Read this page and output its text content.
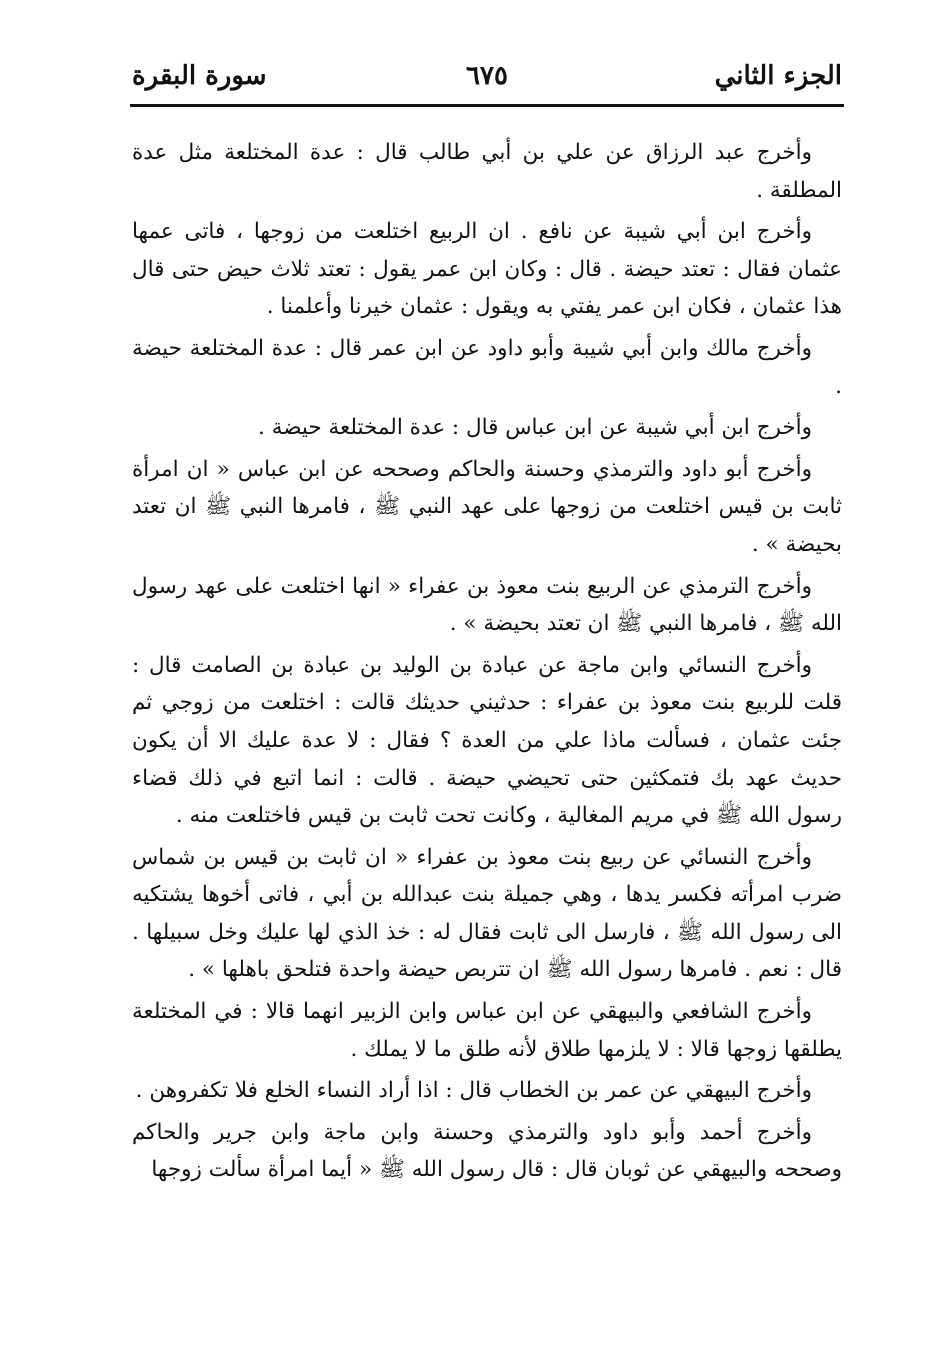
الجزء الثاني
٦٧٥
سورة البقرة

وأخرج عبد الرزاق عن علي بن أبي طالب قال : عدة المختلعة مثل عدة المطلقة .

وأخرج ابن أبي شيبة عن نافع . ان الربيع اختلعت من زوجها ، فاتى عمها عثمان فقال : تعتد حيضة . قال : وكان ابن عمر يقول : تعتد ثلاث حيض حتى قال هذا عثمان ، فكان ابن عمر يفتي به ويقول : عثمان خيرنا وأعلمنا .

وأخرج مالك وابن أبي شيبة وأبو داود عن ابن عمر قال : عدة المختلعة حيضة .

وأخرج ابن أبي شيبة عن ابن عباس قال : عدة المختلعة حيضة .

وأخرج أبو داود والترمذي وحسنة والحاكم وصححه عن ابن عباس « ان امرأة ثابت بن قيس اختلعت من زوجها على عهد النبي ﷺ ، فامرها النبي ﷺ ان تعتد بحيضة » .

وأخرج الترمذي عن الربيع بنت معوذ بن عفراء « انها اختلعت على عهد رسول الله ﷺ ، فامرها النبي ﷺ ان تعتد بحيضة » .

وأخرج النسائي وابن ماجة عن عبادة بن الوليد بن عبادة بن الصامت قال : قلت للربيع بنت معوذ بن عفراء : حدثيني حديثك قالت : اختلعت من زوجي ثم جئت عثمان ، فسألت ماذا علي من العدة ؟ فقال : لا عدة عليك الا أن يكون حديث عهد بك فتمكثين حتى تحيضي حيضة . قالت : انما اتبع في ذلك قضاء رسول الله ﷺ في مريم المغالية ، وكانت تحت ثابت بن قيس فاختلعت منه .

وأخرج النسائي عن ربيع بنت معوذ بن عفراء « ان ثابت بن قيس بن شماس ضرب امرأته فكسر يدها ، وهي جميلة بنت عبدالله بن أبي ، فاتى أخوها يشتكيه الى رسول الله ﷺ ، فارسل الى ثابت فقال له : خذ الذي لها عليك وخل سبيلها . قال : نعم . فامرها رسول الله ﷺ ان تتربص حيضة واحدة فتلحق باهلها » .

وأخرج الشافعي والبيهقي عن ابن عباس وابن الزبير انهما قالا : في المختلعة يطلقها زوجها قالا : لا يلزمها طلاق لأنه طلق ما لا يملك .

وأخرج البيهقي عن عمر بن الخطاب قال : اذا أراد النساء الخلع فلا تكفروهن .

وأخرج أحمد وأبو داود والترمذي وحسنة وابن ماجة وابن جرير والحاكم وصححه والبيهقي عن ثوبان قال : قال رسول الله ﷺ « أيما امرأة سألت زوجها
